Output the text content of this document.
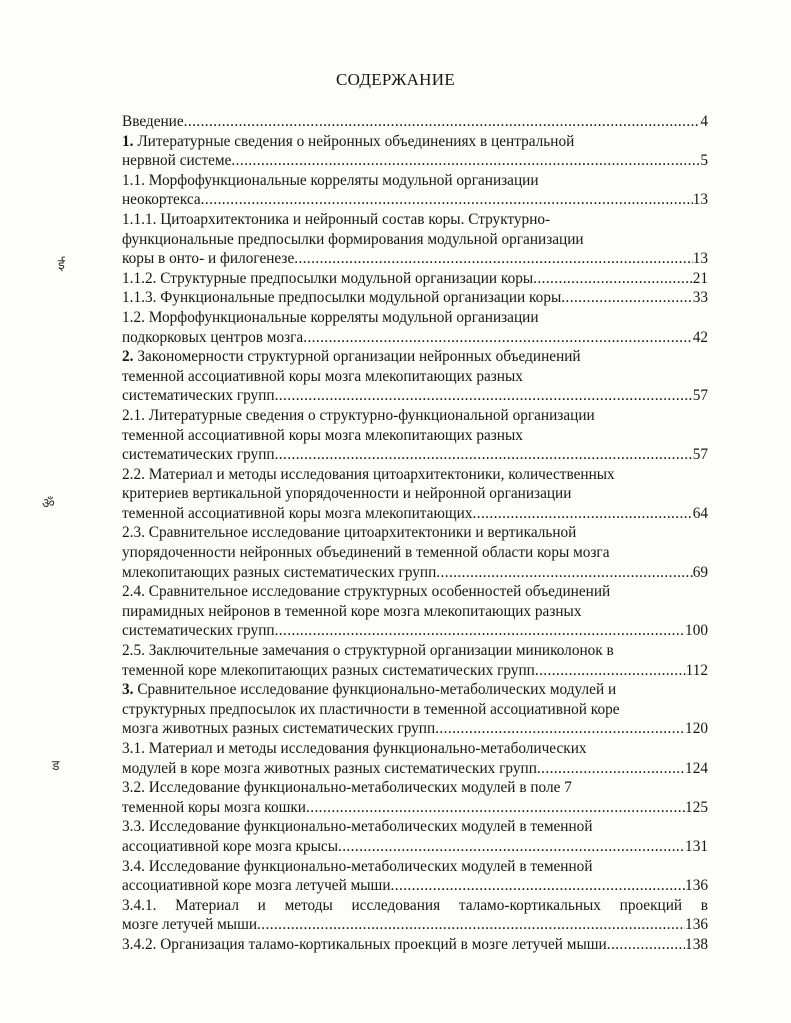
СОДЕРЖАНИЕ
ई
ॐ
ड
Введение .....	4
1. Литературные сведения о нейронных объединениях в центральной
нервной системе .....	5
1.1. Морфофункциональные корреляты модульной организации
неокортекса .....	13
1.1.1. Цитоархитектоника и нейронный состав коры. Структурно-
функциональные предпосылки формирования модульной организации
коры в онто- и филогенезе .....	13
1.1.2. Структурные предпосылки модульной организации коры .....	21
1.1.3. Функциональные предпосылки модульной организации коры .....	33
1.2. Морфофункциональные корреляты модульной организации
подкорковых центров мозга .....	42
2. Закономерности структурной организации нейронных объединений
теменной ассоциативной коры мозга млекопитающих разных
систематических групп .....	57
2.1. Литературные сведения о структурно-функциональной организации
теменной ассоциативной коры мозга млекопитающих разных
систематических групп .....	57
2.2. Материал и методы исследования цитоархитектоники, количественных
критериев вертикальной упорядоченности и нейронной организации
теменной ассоциативной коры мозга млекопитающих .....	64
2.3. Сравнительное исследование цитоархитектоники и вертикальной
упорядоченности нейронных объединений в теменной области коры мозга
млекопитающих разных систематических групп .....	69
2.4. Сравнительное исследование структурных особенностей объединений
пирамидных нейронов в теменной коре мозга млекопитающих разных
систематических групп .....	100
2.5. Заключительные замечания о структурной организации миниколонок в
теменной коре млекопитающих разных систематических групп .....	112
3. Сравнительное исследование функционально-метаболических модулей и
структурных предпосылок их пластичности в теменной ассоциативной коре
мозга животных разных систематических групп .....	120
3.1. Материал и методы исследования функционально-метаболических
модулей в коре мозга животных разных систематических групп .....	124
3.2. Исследование функционально-метаболических модулей в поле 7
теменной коры мозга кошки .....	125
3.3. Исследование функционально-метаболических модулей в теменной
ассоциативной коре мозга крысы .....	131
3.4. Исследование функционально-метаболических модулей в теменной
ассоциативной коре мозга летучей мыши .....	136
3.4.1. Материал и методы исследования таламо-кортикальных проекций в
мозге летучей мыши .....	136
3.4.2. Организация таламо-кортикальных проекций в мозге летучей мыши .....	138
